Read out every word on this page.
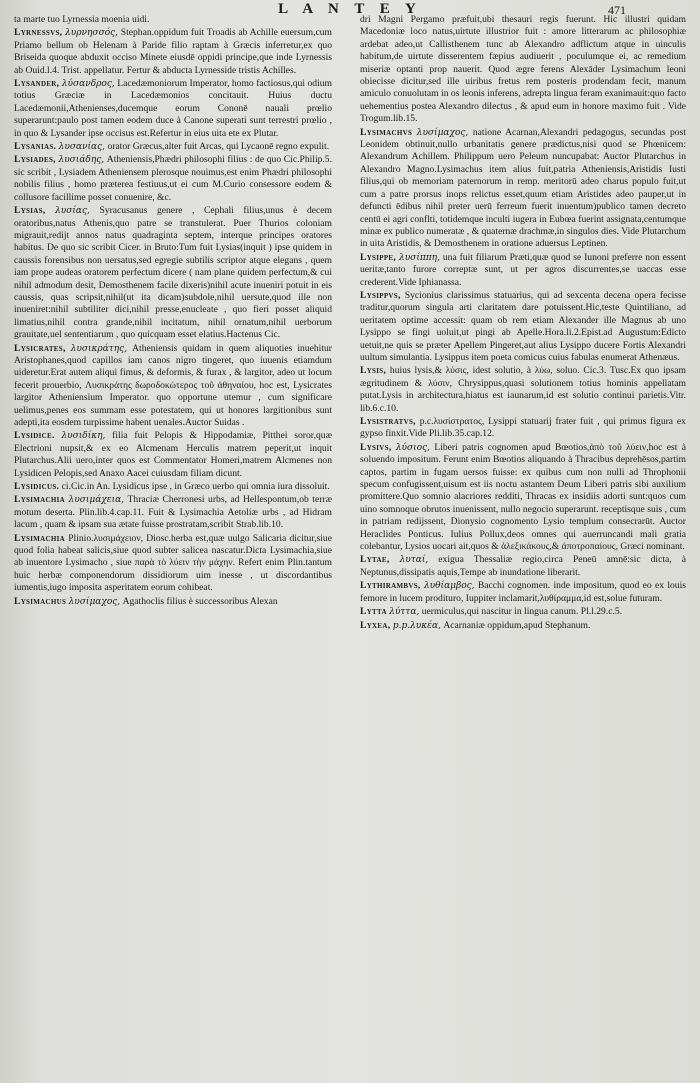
L A N T E Y	471

ta marte tuo Lyrnessia moenia uidi.

Lyrnessvs, λυρνησσός, Stephan.oppidum fuit Troadis ab Achille euersum,cum Priamo bellum ob Helenam à Paride filio raptam à Græcis inferretur,ex quo Briseida quoque abduxit occiso Minete eiusdē oppidi principe,que inde Lyrnessis ab Ouid.l.4. Trist. appellatur. Fertur & abducta Lyrnesside tristis Achilles.

Lysander, λύσανδρος, Lacedæmoniorum Imperator, homo factiosus,qui odium totius Græciæ in Lacedæmonios concitauit. Huius ductu Lacedæmonii,Athenienses,ducemque eorum Cononē nauali prœlio superarunt:paulo post tamen eodem duce à Canone superati sunt terrestri prœlio , in quo & Lysander ipse occisus est.Refertur in eius uita ete ex Plutar.

Lysanias. λυσανίας, orator Græcus,alter fuit Arcas, qui Lycaonē regno expulit.

Lysiades, λυσιάδης, Atheniensis,Phædri philosophi filius : de quo Cic.Philip.5. sic scribit , Lysiadem Atheniensem plerosque nouimus,est enim Phædri philosophi nobilis filius , homo præterea festiuus,ut ei cum M.Curio consessore eodem & collusore facillime posset conuenire, &c.

Lysias, λυσίας, Syracusanus genere , Cephali filius,unus è decem oratoribus,natus Athenis,quo patre se transtulerat. Puer Thurios coloniam migrauit,redijt annos natus quadraginta septem, interque principes oratores habitus. De quo sic scribit Cicer. in Bruto:Tum fuit Lysias(inquit ) ipse quidem in caussis forensibus non uersatus,sed egregie subtilis scriptor atque elegans , quem iam prope audeas oratorem perfectum dicere ( nam plane quidem perfectum,& cui nihil admodum desit, Demosthenem facile dixeris)nihil acute inueniri potuit in eis caussis, quas scripsit,nihil(ut ita dicam)subdole,nihil uersute,quod ille non inueniret:nihil subtiliter dici,nihil presse,enucleate , quo fieri posset aliquid limatius,nihil contra grande,nihil incitatum, nihil ornatum,nihil uerborum grauitate,uel sententiarum , quo quicquam esset elatius.Hactenus Cic.

Lysicrates, λυσικράτης, Atheniensis quidam in quem aliquoties inuehitur Aristophanes,quod capillos iam canos nigro tingeret, quo iuuenis etiamdum uideretur.Erat autem aliqui fimus, & deformis, & furax , & largitor, adeo ut locum fecerit prouerbio, Λυσικράτης δωροδοκώτερος τοῦ ἀθηναίου, hoc est, Lysicrates largitor Atheniensium Imperator. quo opportune utemur , cum significare uelimus,penes eos summam esse potestatem, qui ut honores largitionibus sunt adepti,ita eosdem turpissime habent uenales.Auctor Suidas .

Lysidice. λυσιδίκη, filia fuit Pelopis & Hippodamiæ, Pitthei soror,quæ Electrioni nupsit,& ex eo Alcmenam Herculis matrem peperit,ut inquit Plutarchus.Alii uero,inter quos est Commentator Homeri,matrem Alcmenes non Lysidicen Pelopis,sed Anaxo Aacei cuiusdam filiam dicunt.

Lysidicus. ci.Cic.in An. Lysidicus ipse , in Græco uerbo qui omnia iura dissoluit.

Lysimachia λυσιμάχεια, Thraciæ Cherronesi urbs, ad Hellespontum,ob terræ motum deserta. Plin.lib.4.cap.11. Fuit & Lysimachia Aetoliæ urbs , ad Hidram lacum , quam & ipsam sua ætate fuisse prostratam,scribit Strab.lib.10.

Lysimachia Plinio.λυσιμάχειον, Diosc.herba est,quæ uulgo Salicaria dicitur,siue quod folia habeat salicis,siue quod subter salicea nascatur.Dicta Lysimachia,siue ab inuentore Lysimacho , siue παρὰ τὸ λύειν τὴν μάχην. Refert enim Plin.tantum huic herbæ componendorum dissidiorum uim inesse , ut discordantibus iumentis,iugo imposita asperitatem eorum cohibeat.

Lysimachus λυσίμαχος, Agathoclis filius è successoribus Alexan

dri Magni Pergamo præfuit,ubi thesauri regis fuerunt. Hic illustri quidam Macedoniæ loco natus,uirtute illustrior fuit : amore litterarum ac philosophiæ ardebat adeo,ut Callisthenem tunc ab Alexandro adflictum atque in uinculis habitum,de uirtute disserentem fæpius audiuerit , poculumque ei, ac remedium miseriæ optanti prop nauerit. Quod ægre ferens Alexāder Lysimachum leoni obiecisse dicitur,sed ille uiribus fretus rem posteris prodendam fecit, manum amiculo conuolutam in os leonis inferens, adrepta lingua feram exanimauit:quo facto uehementius postea Alexandro dilectus , & apud eum in honore maximo fuit . Vide Trogum.lib.15.

Lysimachvs λυσίμαχος, natione Acarnan,Alexandri pedagogus, secundas post Leonidem obtinuit,nullo urbanitatis genere prædictus,nisi quod se Phœnicem: Alexandrum Achillem. Philippum uero Peleum nuncupabat: Auctor Plutarchus in Alexandro Magno.Lysimachus item alius fuit,patria Atheniensis,Aristidis Iusti filius,qui ob memoriam paternorum in remp. meritorū adeo charus populo fuit,ut cum a patre prorsus inops relictus esset,quum etiam Aristides adeo pauper,ut in defuncti ēdibus nihil preter uerū ferreum fuerit inuentum)publico tamen decreto centū ei agri conflti, totidemque inculti iugera in Eubœa fuerint assignata,centumque minæ ex publico numeratæ , & quaternæ drachmæ,in singulos dies. Vide Plutarchum in uita Aristidis, & Demosthenem in oratione aduersus Leptinen.

Lysippe, λυσίππη, una fuit filiarum Præti,quæ quod se Iunoni preferre non essent ueritæ,tanto furore correptæ sunt, ut per agros discurrentes,se uaccas esse crederent.Vide Iphianassa.

Lysippvs, Sycionius clarissimus statuarius, qui ad sexcenta decena opera fecisse traditur,quorum singula arti claritatem dare potuissent.Hic,teste Quintiliano, ad ueritatem optime accessit: quam ob rem etiam Alexander ille Magnus ab uno Lysippo se fingi uoluit,ut pingi ab Apelle.Hora.li.2.Epist.ad Augustum:Edicto uetuit,ne quis se præter Apellem Pingeret,aut alius Lysippo ducere Fortis Alexandri uultum simulantia. Lysippus item poeta comicus cuius fabulas enumerat Athenæus.

Lysis, huius lysis,& λύσις, idest solutio, à λύω, soluo. Cic.3. Tusc.Ex quo ipsam ægritudinem & λύσιν, Chrysippus,quasi solutionem totius hominis appellatam putat.Lysis in architectura,hiatus est iaunarum,id est solutio continui parietis.Vitr. lib.6.c.10.

Lysistratvs, p.c.λυσίστρατος, Lysippi statuarij frater fuit , qui primus figura ex gypso finxit.Vide Pli.lib.35.cap.12.

Lysivs, λύσιος, Liberi patris cognomen apud Bœotios,ἀπὸ τοῦ λύειν,hoc est à soluendo impositum. Ferunt enim Bœotios aliquando à Thracibus deprehēsos,partim captos, partim in fugam uersos fuisse: ex quibus cum non nulli ad Throphonii specum confugissent,uisum est iis noctu astantem Deum Liberi patris sibi auxilium promittere.Quo somnio alacriores redditi, Thracas ex insidiis adorti sunt:quos cum uino somnoque obrutos inuenissent, nullo negocio superarunt. receptisque suis , cum in patriam redijssent, Dionysio cognomento Lysio templum consecrarūt. Auctor Heraclides Ponticus. Iulius Pollux,deos omnes qui auerruncandi mali gratia colebantur, Lysios uocari ait,quos & ἀλεξικάκους,& ἀποτροπαίους, Græci nominant.

Lytae, λυταί, exigua Thessaliæ regio,circa Peneū amnē:sic dicta, à Neptunus,dissipatis aquis,Tempe ab inundatione liberarit.

Lythirambvs, λυθίαμβος, Bacchi cognomen. inde impositum, quod eo ex louis femore in lucem prodituro, Iuppiter inclamarit,λυθίραμμα,id est,solue futuram.

Lytta λύττα, uermiculus,qui nascitur in lingua canum. Pl.l.29.c.5.

Lyxea, p.p.λυκέα, Acarnaniæ oppidum,apud Stephanum.
